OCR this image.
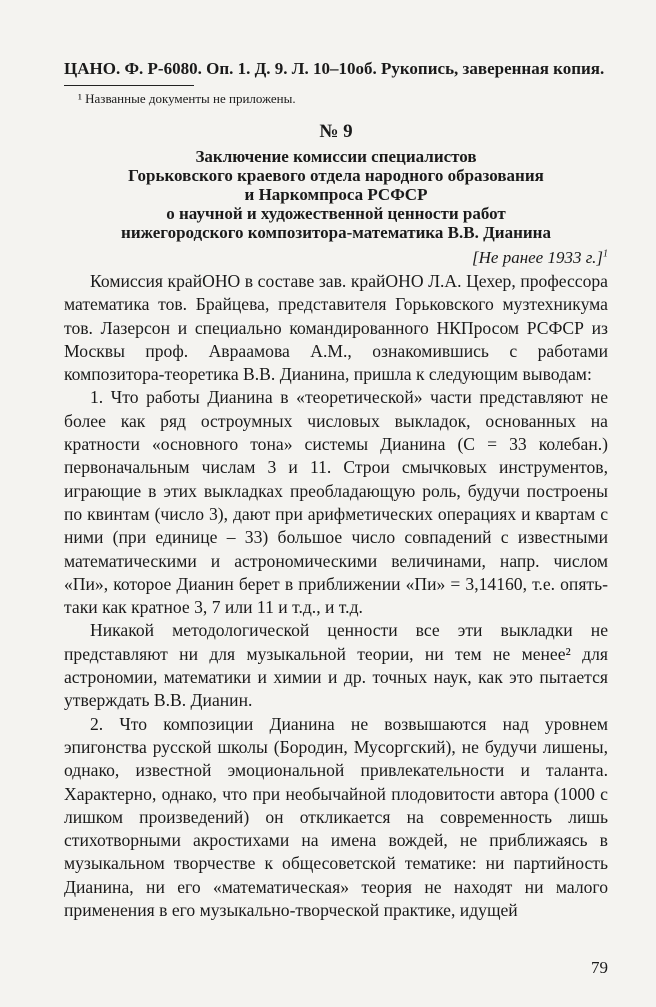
ЦАНО. Ф. Р-6080. Оп. 1. Д. 9. Л. 10–10об. Рукопись, заверенная копия.

¹ Названные документы не приложены.

№ 9
Заключение комиссии специалистов
Горьковского краевого отдела народного образования
и Наркомпроса РСФСР
о научной и художественной ценности работ
нижегородского композитора-математика В.В. Дианина
[Не ранее 1933 г.]$^1$

Комиссия крайОНО в составе зав. крайОНО Л.А. Цехер, профессора математика тов. Брайцева, представителя Горьковского музтехникума тов. Лазерсон и специально командированного НКПросом РСФСР из Москвы проф. Авраамова А.М., ознакомившись с работами композитора-теоретика В.В. Дианина, пришла к следующим выводам:

1. Что работы Дианина в «теоретической» части представляют не более как ряд остроумных числовых выкладок, основанных на кратности «основного тона» системы Дианина (С = 33 колебан.) первоначальным числам 3 и 11. Строи смычковых инструментов, играющие в этих выкладках преобладающую роль, будучи построены по квинтам (число 3), дают при арифметических операциях и квартам с ними (при единице – 33) большое число совпадений с известными математическими и астрономическими величинами, напр. числом «Пи», которое Дианин берет в приближении «Пи» = 3,14160, т.е. опять-таки как кратное 3, 7 или 11 и т.д., и т.д.

Никакой методологической ценности все эти выкладки не представляют ни для музыкальной теории, ни тем не менее² для астрономии, математики и химии и др. точных наук, как это пытается утверждать В.В. Дианин.

2. Что композиции Дианина не возвышаются над уровнем эпигонства русской школы (Бородин, Мусоргский), не будучи лишены, однако, известной эмоциональной привлекательности и таланта. Характерно, однако, что при необычайной плодовитости автора (1000 с лишком произведений) он откликается на современность лишь стихотворными акростихами на имена вождей, не приближаясь в музыкальном творчестве к общесоветской тематике: ни партийность Дианина, ни его «математическая» теория не находят ни малого применения в его музыкально-творческой практике, идущей

79
